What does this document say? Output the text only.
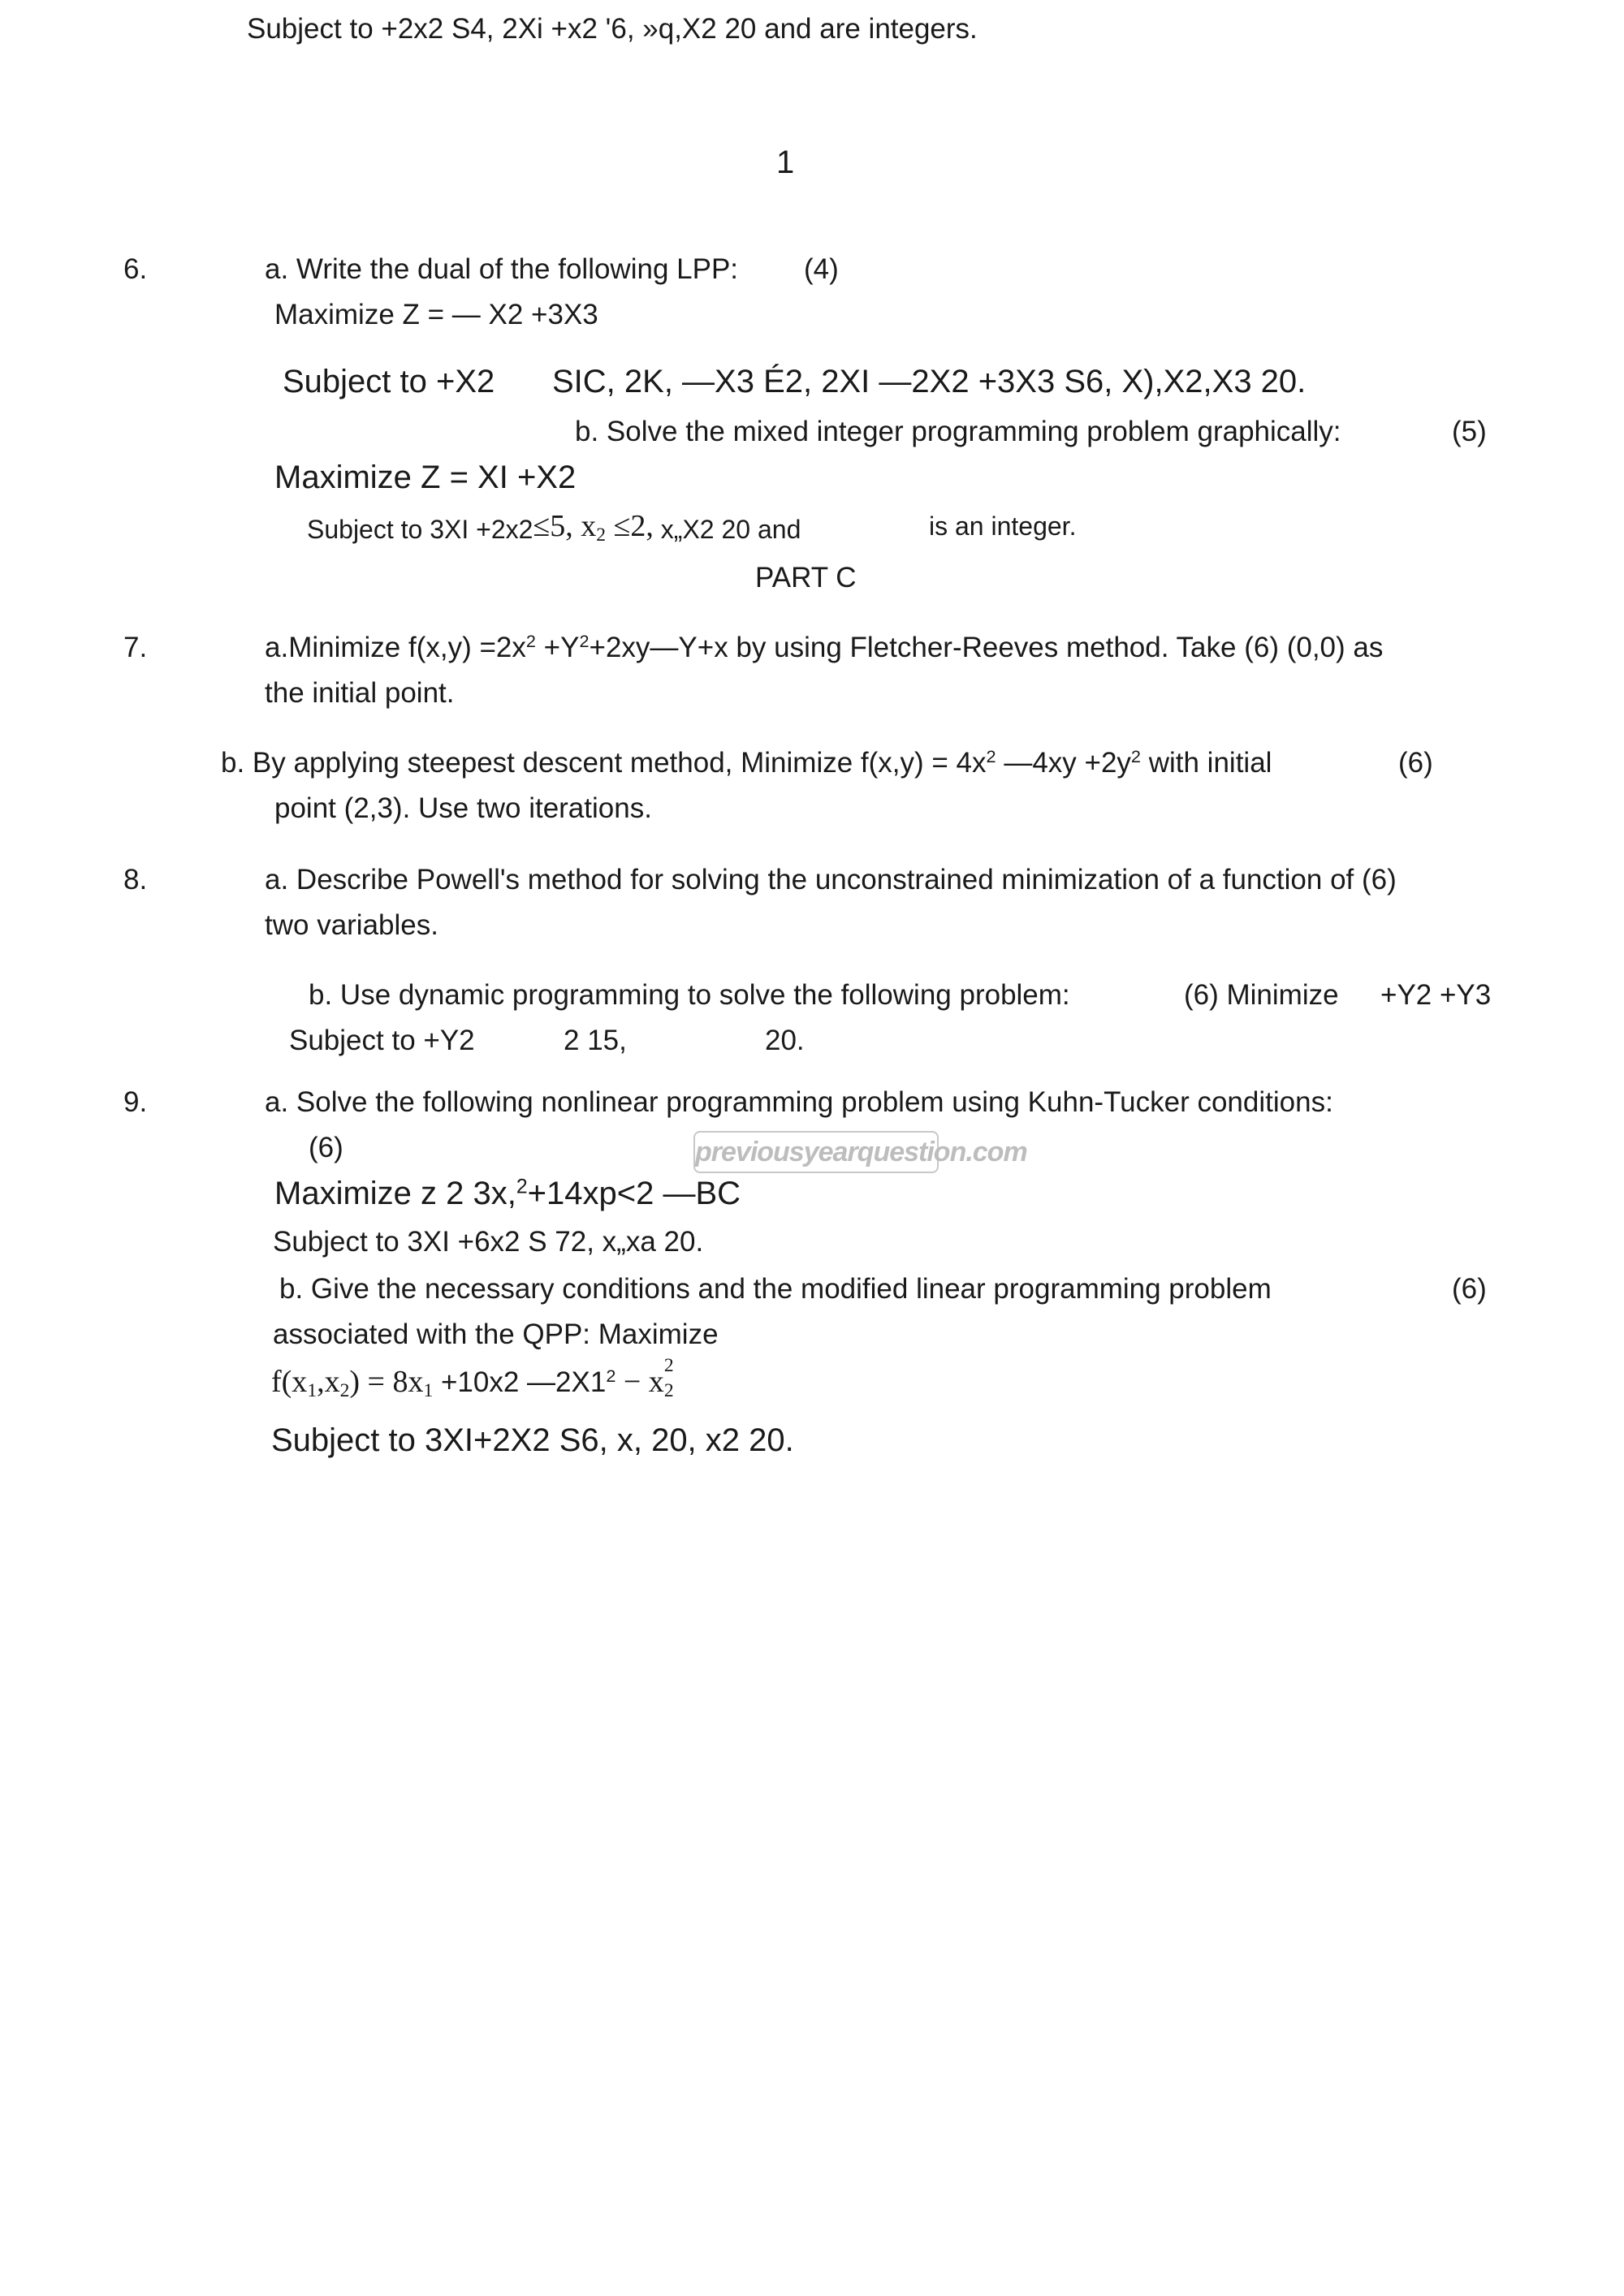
Subject to +2x2 S4, 2Xi +x2 '6, »q,X2 20 and are integers.
1
6.	a. Write the dual of the following LPP: (4)
Maximize Z = — X2 +3X3
Subject to +X2 SIC, 2K, —X3 É2, 2XI —2X2 +3X3 S6, X),X2,X3 20.
b. Solve the mixed integer programming problem graphically:	(5)
Maximize Z = XI +X2
Subject to 3XI +2x2≤5, $x_2 \le 2$, x„X2 20 and	is an integer.
PART C
7.	a.Minimize $f(x,y) =2x^2$ $+Y^2+2xy—Y+x$ by using Fletcher-Reeves method. Take (6) (0,0) as
the initial point.
b. By applying steepest descent method, Minimize $f(x,y) = 4x^2$ —4xy $+2y^2$ with initial	(6)
point (2,3). Use two iterations.
8.	a. Describe Powell's method for solving the unconstrained minimization of a function of (6)
two variables.
b. Use dynamic programming to solve the following problem:	(6) Minimize +Y2 +Y3
Subject to +Y2	2 15,	20.
9.	a. Solve the following nonlinear programming problem using Kuhn-Tucker conditions:
(6)	previousyearquestion.com
Maximize z 2 3x,$^2$+14xp<2 —BC
Subject to 3XI +6x2 S 72, x„xa 20.
b. Give the necessary conditions and the modified linear programming problem	(6)
associated with the QPP: Maximize
$f(x_1,x_2) = 8x_1 +10x2$ $—2X1^2 - x_2$
2
Subject to 3XI+2X2 S6, x, 20, x2 20.
